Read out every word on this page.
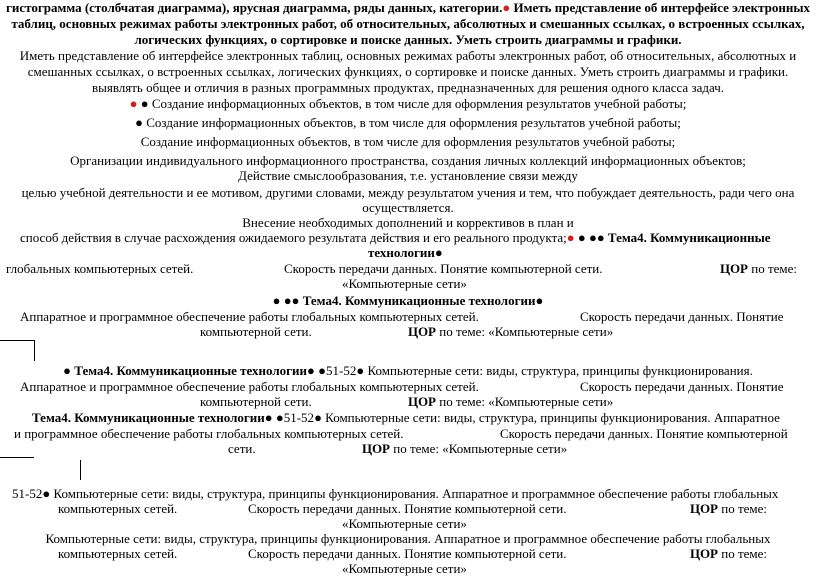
гистограмма (столбчатая диаграмма), ярусная диаграмма, ряды данных, категории.● Иметь представление об интерфейсе электронных
таблиц, основных режимах работы электронных работ, об относительных, абсолютных и смешанных ссылках, о встроенных ссылках,
логических функциях, о сортировке и поиске данных. Уметь строить диаграммы и графики.
Иметь представление об интерфейсе электронных таблиц, основных режимах работы электронных работ, об относительных, абсолютных и
смешанных ссылках, о встроенных ссылках, логических функциях, о сортировке и поиске данных. Уметь строить диаграммы и графики.
выявлять общее и отличия в разных программных продуктах, предназначенных для решения одного класса задач.
● ● Создание информационных объектов, в том числе для оформления результатов учебной работы;
● Создание информационных объектов, в том числе для оформления результатов учебной работы;
Создание информационных объектов, в том числе для оформления результатов учебной работы;
Организации индивидуального информационного пространства, создания личных коллекций информационных объектов;
Действие смыслообразования, т.е. установление связи между
целью учебной деятельности и ее мотивом, другими словами, между результатом учения и тем, что побуждает деятельность, ради чего она
осуществляется.
Внесение необходимых дополнений и коррективов в план и
способ действия в случае расхождения ожидаемого результата действия и его реального продукта;● ● ●● Тема4. Коммуникационные
технологии●
глобальных компьютерных сетей.	Скорость передачи данных. Понятие компьютерной сети.	ЦОР по теме:
«Компьютерные сети»
● ●● Тема4. Коммуникационные технологии●
Аппаратное и программное обеспечение работы глобальных компьютерных сетей.	Скорость передачи данных. Понятие
компьютерной сети.	ЦОР по теме: «Компьютерные сети»
● Тема4. Коммуникационные технологии● ●51-52● Компьютерные сети: виды, структура, принципы функционирования.
Аппаратное и программное обеспечение работы глобальных компьютерных сетей.	Скорость передачи данных. Понятие
компьютерной сети.	ЦОР по теме: «Компьютерные сети»
Тема4. Коммуникационные технологии● ●51-52● Компьютерные сети: виды, структура, принципы функционирования. Аппаратное
и программное обеспечение работы глобальных компьютерных сетей.	Скорость передачи данных. Понятие компьютерной
сети.	ЦОР по теме: «Компьютерные сети»
51-52● Компьютерные сети: виды, структура, принципы функционирования. Аппаратное и программное обеспечение работы глобальных
компьютерных сетей.	Скорость передачи данных. Понятие компьютерной сети.	ЦОР по теме:
«Компьютерные сети»
Компьютерные сети: виды, структура, принципы функционирования. Аппаратное и программное обеспечение работы глобальных
компьютерных сетей.	Скорость передачи данных. Понятие компьютерной сети.	ЦОР по теме:
«Компьютерные сети»
